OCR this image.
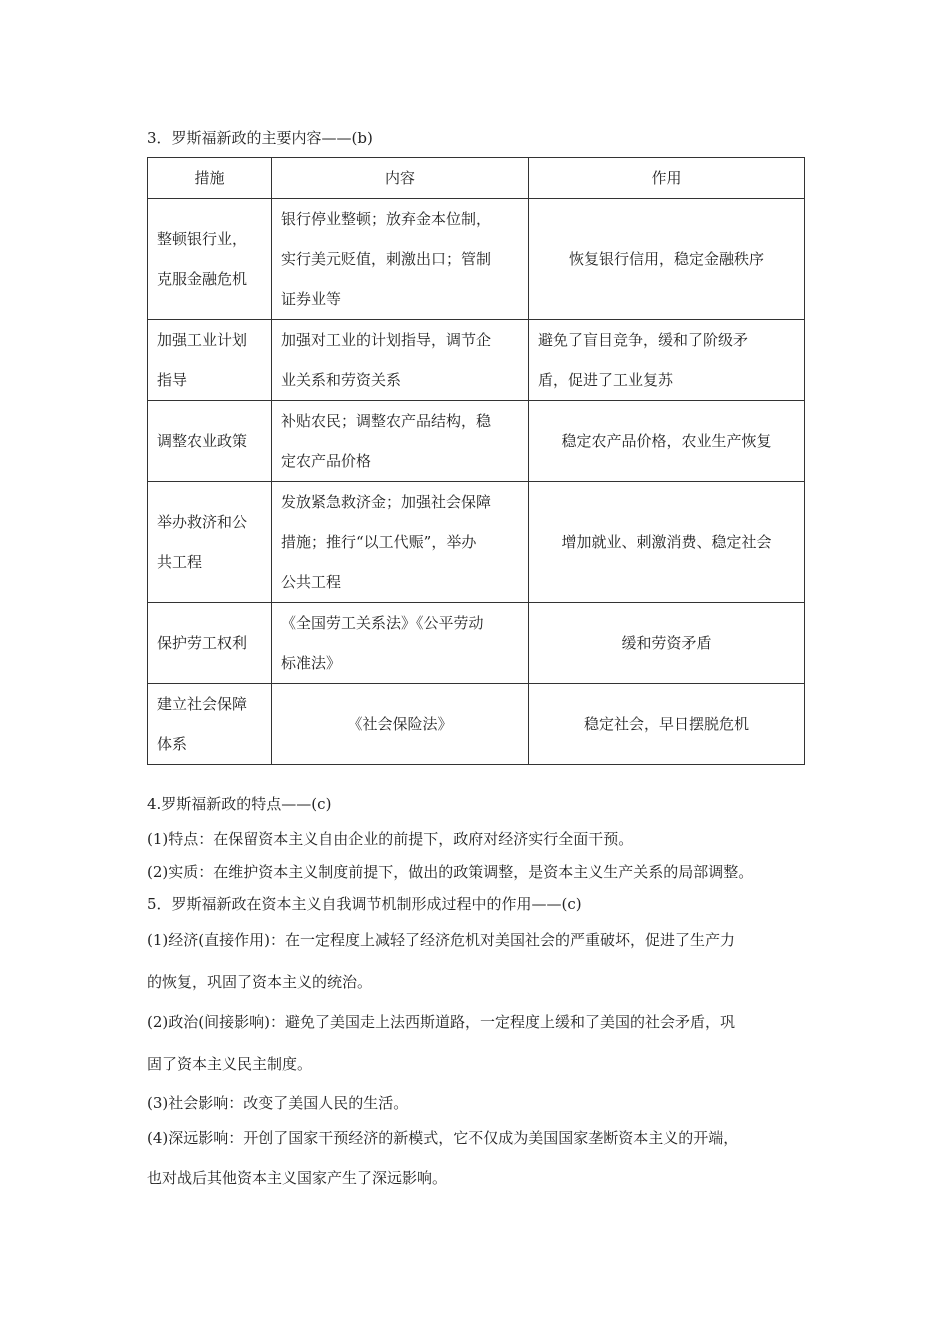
3．罗斯福新政的主要内容——(b)
措施	内容	作用

整顿银行业，
克服金融危机	银行停业整顿；放弃金本位制，
实行美元贬值，刺激出口；管制
证券业等	恢复银行信用，稳定金融秩序

加强工业计划
指导	加强对工业的计划指导，调节企
业关系和劳资关系	避免了盲目竞争，缓和了阶级矛
盾，促进了工业复苏

调整农业政策	补贴农民；调整农产品结构，稳
定农产品价格	稳定农产品价格，农业生产恢复

举办救济和公
共工程	发放紧急救济金；加强社会保障
措施；推行“以工代赈”，举办
公共工程	增加就业、刺激消费、稳定社会

保护劳工权利	《全国劳工关系法》《公平劳动
标准法》	缓和劳资矛盾

建立社会保障
体系	《社会保险法》	稳定社会，早日摆脱危机
4.罗斯福新政的特点——(c)
(1)特点：在保留资本主义自由企业的前提下，政府对经济实行全面干预。
(2)实质：在维护资本主义制度前提下，做出的政策调整，是资本主义生产关系的局部调整。
5．罗斯福新政在资本主义自我调节机制形成过程中的作用——(c)
(1)经济(直接作用)：在一定程度上减轻了经济危机对美国社会的严重破坏，促进了生产力
的恢复，巩固了资本主义的统治。
(2)政治(间接影响)：避免了美国走上法西斯道路，一定程度上缓和了美国的社会矛盾，巩
固了资本主义民主制度。
(3)社会影响：改变了美国人民的生活。
(4)深远影响：开创了国家干预经济的新模式，它不仅成为美国国家垄断资本主义的开端，
也对战后其他资本主义国家产生了深远影响。
